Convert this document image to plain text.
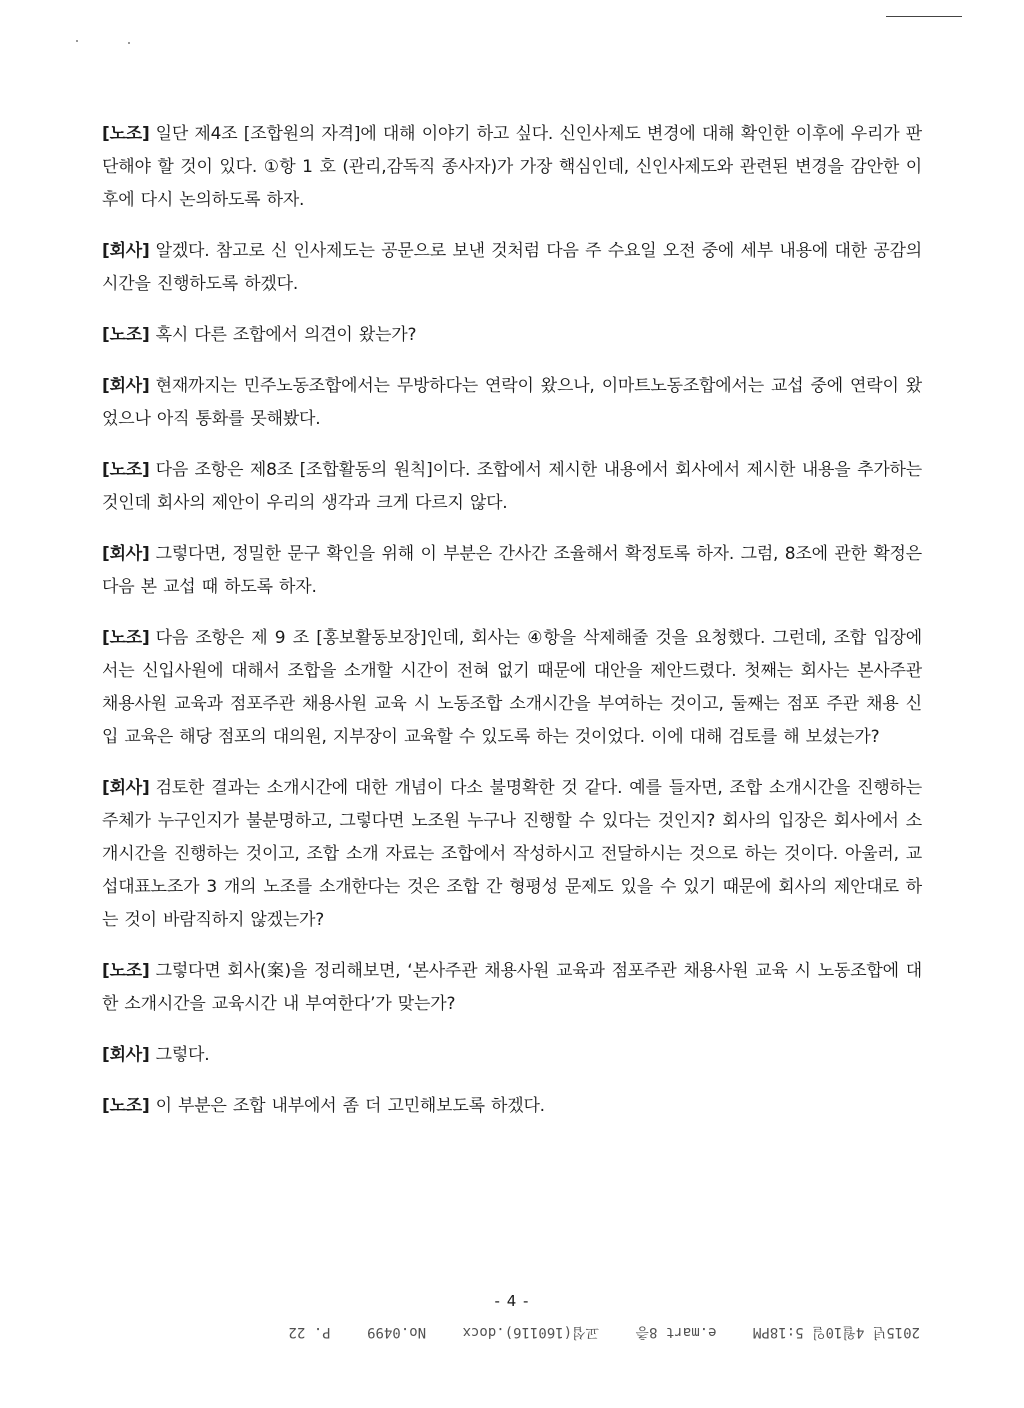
[노조] 일단 제4조 [조합원의 자격]에 대해 이야기 하고 싶다. 신인사제도 변경에 대해 확인한 이후에 우리가 판단해야 할 것이 있다. ①항 1 호 (관리,감독직 종사자)가 가장 핵심인데, 신인사제도와 관련된 변경을 감안한 이후에 다시 논의하도록 하자.

[회사] 알겠다. 참고로 신 인사제도는 공문으로 보낸 것처럼 다음 주 수요일 오전 중에 세부 내용에 대한 공감의 시간을 진행하도록 하겠다.

[노조] 혹시 다른 조합에서 의견이 왔는가?

[회사] 현재까지는 민주노동조합에서는 무방하다는 연락이 왔으나, 이마트노동조합에서는 교섭 중에 연락이 왔었으나 아직 통화를 못해봤다.

[노조] 다음 조항은 제8조 [조합활동의 원칙]이다. 조합에서 제시한 내용에서 회사에서 제시한 내용을 추가하는 것인데 회사의 제안이 우리의 생각과 크게 다르지 않다.

[회사] 그렇다면, 정밀한 문구 확인을 위해 이 부분은 간사간 조율해서 확정토록 하자. 그럼, 8조에 관한 확정은 다음 본 교섭 때 하도록 하자.

[노조] 다음 조항은 제 9 조 [홍보활동보장]인데, 회사는 ④항을 삭제해줄 것을 요청했다. 그런데, 조합 입장에서는 신입사원에 대해서 조합을 소개할 시간이 전혀 없기 때문에 대안을 제안드렸다. 첫째는 회사는 본사주관 채용사원 교육과 점포주관 채용사원 교육 시 노동조합 소개시간을 부여하는 것이고, 둘째는 점포 주관 채용 신입 교육은 해당 점포의 대의원, 지부장이 교육할 수 있도록 하는 것이었다. 이에 대해 검토를 해 보셨는가?

[회사] 검토한 결과는 소개시간에 대한 개념이 다소 불명확한 것 같다. 예를 들자면, 조합 소개시간을 진행하는 주체가 누구인지가 불분명하고, 그렇다면 노조원 누구나 진행할 수 있다는 것인지? 회사의 입장은 회사에서 소개시간을 진행하는 것이고, 조합 소개 자료는 조합에서 작성하시고 전달하시는 것으로 하는 것이다. 아울러, 교섭대표노조가 3 개의 노조를 소개한다는 것은 조합 간 형평성 문제도 있을 수 있기 때문에 회사의 제안대로 하는 것이 바람직하지 않겠는가?

[노조] 그렇다면 회사(案)을 정리해보면, ‘본사주관 채용사원 교육과 점포주관 채용사원 교육 시 노동조합에 대한 소개시간을 교육시간 내 부여한다’가 맞는가?

[회사] 그렇다.

[노조] 이 부분은 조합 내부에서 좀 더 고민해보도록 하겠다.

- 4 -
2015년 4월10일 5:18PM e.mart 8층 교섭(160116).docx No.0499 P. 22
